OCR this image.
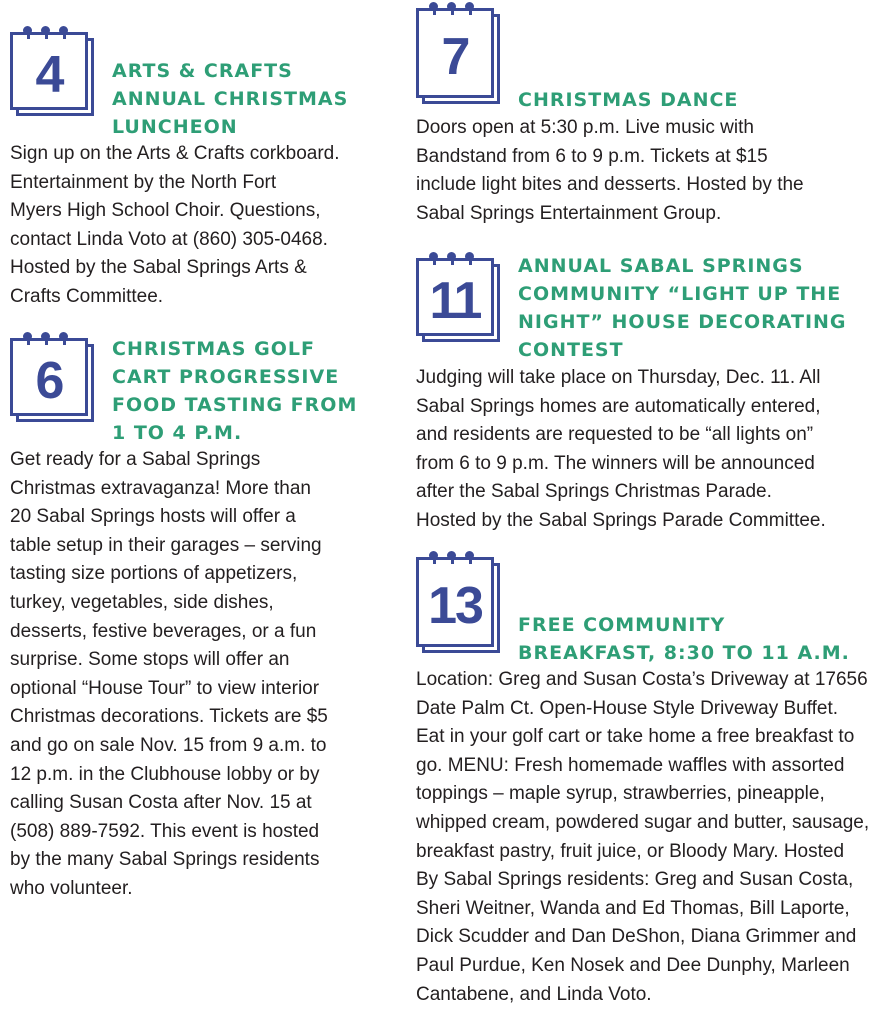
4	ARTS & CRAFTS
ANNUAL CHRISTMAS
LUNCHEON
Sign up on the Arts & Crafts corkboard.
Entertainment by the North Fort
Myers High School Choir. Questions,
contact Linda Voto at (860) 305-0468.
Hosted by the Sabal Springs Arts &
Crafts Committee.
6
CHRISTMAS GOLF
CART PROGRESSIVE
FOOD TASTING FROM
1 TO 4 P.M.
Get ready for a Sabal Springs
Christmas extravaganza! More than
20 Sabal Springs hosts will offer a
table setup in their garages – serving
tasting size portions of appetizers,
turkey, vegetables, side dishes,
desserts, festive beverages, or a fun
surprise. Some stops will offer an
optional “House Tour” to view interior
Christmas decorations. Tickets are $5
and go on sale Nov. 15 from 9 a.m. to
12 p.m. in the Clubhouse lobby or by
calling Susan Costa after Nov. 15 at
(508) 889-7592. This event is hosted
by the many Sabal Springs residents
who volunteer.
7
CHRISTMAS DANCE
Doors open at 5:30 p.m. Live music with
Bandstand from 6 to 9 p.m. Tickets at $15
include light bites and desserts. Hosted by the
Sabal Springs Entertainment Group.
11
ANNUAL SABAL SPRINGS
COMMUNITY “LIGHT UP THE
NIGHT” HOUSE DECORATING
CONTEST
Judging will take place on Thursday, Dec. 11. All
Sabal Springs homes are automatically entered,
and residents are requested to be “all lights on”
from 6 to 9 p.m. The winners will be announced
after the Sabal Springs Christmas Parade.
Hosted by the Sabal Springs Parade Committee.
13 FREE COMMUNITY
BREAKFAST, 8:30 TO 11 A.M.
Location: Greg and Susan Costa’s Driveway at 17656
Date Palm Ct. Open-House Style Driveway Buffet.
Eat in your golf cart or take home a free breakfast to
go. MENU: Fresh homemade waffles with assorted
toppings – maple syrup, strawberries, pineapple,
whipped cream, powdered sugar and butter, sausage,
breakfast pastry, fruit juice, or Bloody Mary. Hosted
By Sabal Springs residents: Greg and Susan Costa,
Sheri Weitner, Wanda and Ed Thomas, Bill Laporte,
Dick Scudder and Dan DeShon, Diana Grimmer and
Paul Purdue, Ken Nosek and Dee Dunphy, Marleen
Cantabene, and Linda Voto.
